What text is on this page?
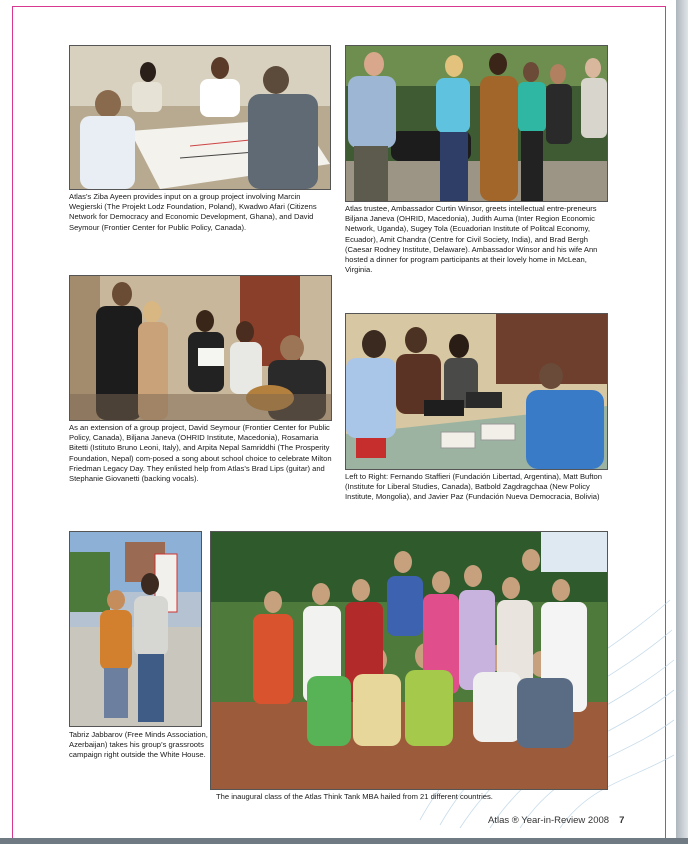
Atlas’s Ziba Ayeen provides input on a group project involving Marcin Wegierski (The Projekt Lodz Foundation, Poland), Kwadwo Afari (Citizens Network for Democracy and Economic Development, Ghana), and David Seymour (Frontier Center for Public Policy, Canada).
Atlas trustee, Ambassador Curtin Winsor, greets intellectual entre-preneurs Biljana Janeva (OHRID, Macedonia), Judith Auma (Inter Region Economic Network, Uganda), Sugey Tola (Ecuadorian Institute of Politcal Economy, Ecuador), Amit Chandra (Centre for Civil Society, India), and Brad Bergh (Caesar Rodney Institute, Delaware). Ambassador Winsor and his wife Ann hosted a dinner for program participants at their lovely home in McLean, Virginia.
As an extension of a group project, David Seymour (Frontier Center for Public Policy, Canada), Biljana Janeva (OHRID Institute, Macedonia), Rosamaria Bitetti (Istituto Bruno Leoni, Italy), and Arpita Nepal Samriddhi (The Prosperity Foundation, Nepal) com-posed a song about school choice to celebrate Milton Friedman Legacy Day. They enlisted help from Atlas’s Brad Lips (guitar) and Stephanie Giovanetti (backing vocals).	Left to Right: Fernando Staffieri (Fundación Libertad, Argentina), Matt Bufton (Institute for Liberal Studies, Canada), Batbold Zagdragchaa (New Policy Institute, Mongolia), and Javier Paz (Fundación Nueva Democracia, Bolivia)
Tabriz Jabbarov (Free Minds Association, Azerbaijan) takes his group’s grassroots campaign right outside the White House.
The inaugural class of the Atlas Think Tank MBA hailed from 21 different countries.
Atlas ® Year-in-Review 2008 7
